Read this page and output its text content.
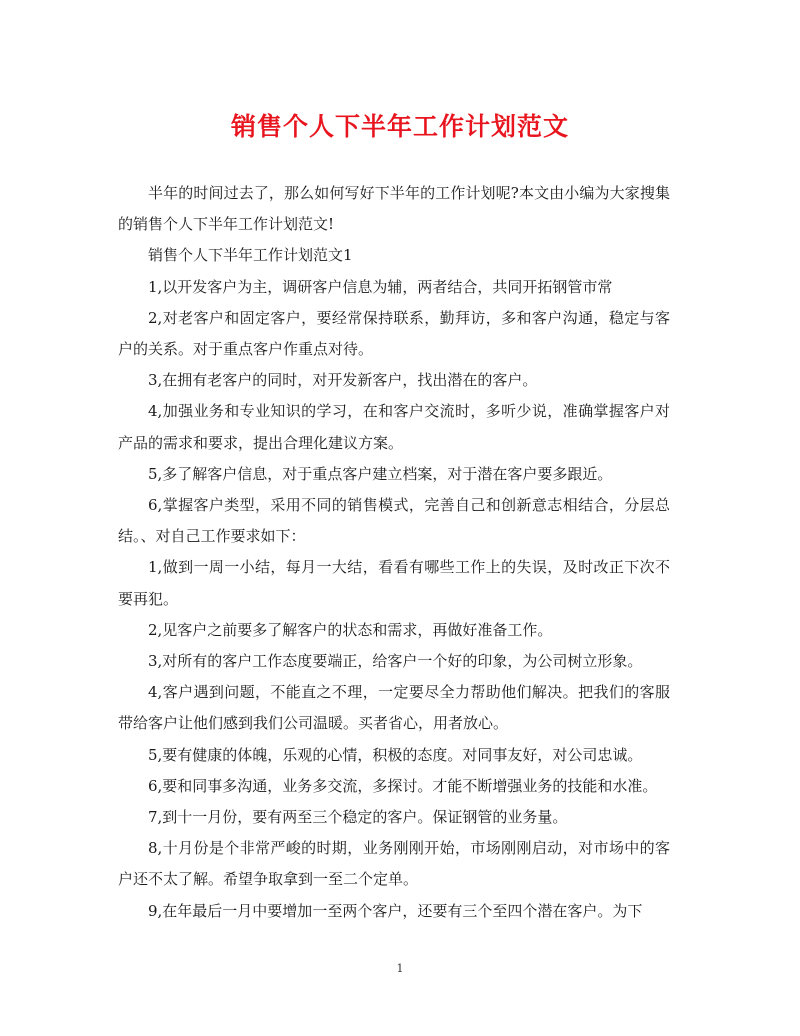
销售个人下半年工作计划范文

半年的时间过去了，那么如何写好下半年的工作计划呢?本文由小编为大家搜集的销售个人下半年工作计划范文!

销售个人下半年工作计划范文1

1,以开发客户为主，调研客户信息为辅，两者结合，共同开拓钢管市常

2,对老客户和固定客户，要经常保持联系，勤拜访，多和客户沟通，稳定与客户的关系。对于重点客户作重点对待。

3,在拥有老客户的同时，对开发新客户，找出潜在的客户。

4,加强业务和专业知识的学习，在和客户交流时，多听少说，准确掌握客户对产品的需求和要求，提出合理化建议方案。

5,多了解客户信息，对于重点客户建立档案，对于潜在客户要多跟近。

6,掌握客户类型，采用不同的销售模式，完善自己和创新意志相结合，分层总结。、对自己工作要求如下：

1,做到一周一小结，每月一大结，看看有哪些工作上的失误，及时改正下次不要再犯。

2,见客户之前要多了解客户的状态和需求，再做好准备工作。

3,对所有的客户工作态度要端正，给客户一个好的印象，为公司树立形象。

4,客户遇到问题，不能直之不理，一定要尽全力帮助他们解决。把我们的客服带给客户让他们感到我们公司温暖。买者省心，用者放心。

5,要有健康的体魄，乐观的心情，积极的态度。对同事友好，对公司忠诚。

6,要和同事多沟通，业务多交流，多探讨。才能不断增强业务的技能和水准。

7,到十一月份，要有两至三个稳定的客户。保证钢管的业务量。

8,十月份是个非常严峻的时期，业务刚刚开始，市场刚刚启动，对市场中的客户还不太了解。希望争取拿到一至二个定单。

9,在年最后一月中要增加一至两个客户，还要有三个至四个潜在客户。为下

1
